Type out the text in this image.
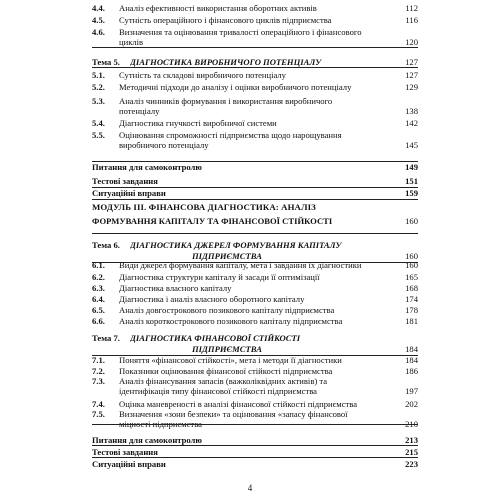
4.4. Аналіз ефективності використання оборотних активів	112
4.5. Сутність операційного і фінансового циклів підприємства	116
4.6. Визначення та оцінювання тривалості операційного і фінансового
циклів	120
Тема 5. ДІАГНОСТИКА ВИРОБНИЧОГО ПОТЕНЦІАЛУ	127
5.1. Сутність та складові виробничого потенціалу	127
5.2. Методичні підходи до аналізу і оцінки виробничого потенціалу	129
5.3. Аналіз чинників формування і використання виробничого
потенціалу	138
5.4. Діагностика гнучкості виробничої системи	142
5.5. Оцінювання спроможності підприємства щодо нарощування
виробничого потенціалу	145
Питання для самоконтролю	149
Тестові завдання	151
Ситуаційні вправи	159
МОДУЛЬ ІІІ. ФІНАНСОВА ДІАГНОСТИКА: АНАЛІЗ
ФОРМУВАННЯ КАПІТАЛУ ТА ФІНАНСОВОЇ СТІЙКОСТІ	160
Тема 6. ДІАГНОСТИКА ДЖЕРЕЛ ФОРМУВАННЯ КАПІТАЛУ
ПІДПРИЄМСТВА	160
6.1. Види джерел формування капіталу, мета і завдання їх діагностики	160
6.2. Діагностика структури капіталу й засади її оптимізації	165
6.3. Діагностика власного капіталу	168
6.4. Діагностика і аналіз власного оборотного капіталу	174
6.5. Аналіз довгострокового позикового капіталу підприємства	178
6.6. Аналіз короткострокового позикового капіталу підприємства	181
Тема 7. ДІАГНОСТИКА ФІНАНСОВОЇ СТІЙКОСТІ
ПІДПРИЄМСТВА	184
7.1. Поняття «фінансової стійкості», мета і методи її діагностики	184
7.2. Показники оцінювання фінансової стійкості підприємства	186
7.3. Аналіз фінансування запасів (важколіквідних активів) та
ідентифікація типу фінансової стійкості підприємства	197
7.4. Оцінка маневреності в аналізі фінансової стійкості підприємства	202
7.5. Визначення «зони безпеки» та оцінювання «запасу фінансової
міцності підприємства	210
Питання для самоконтролю	213
Тестові завдання	215
Ситуаційні вправи	223
4
